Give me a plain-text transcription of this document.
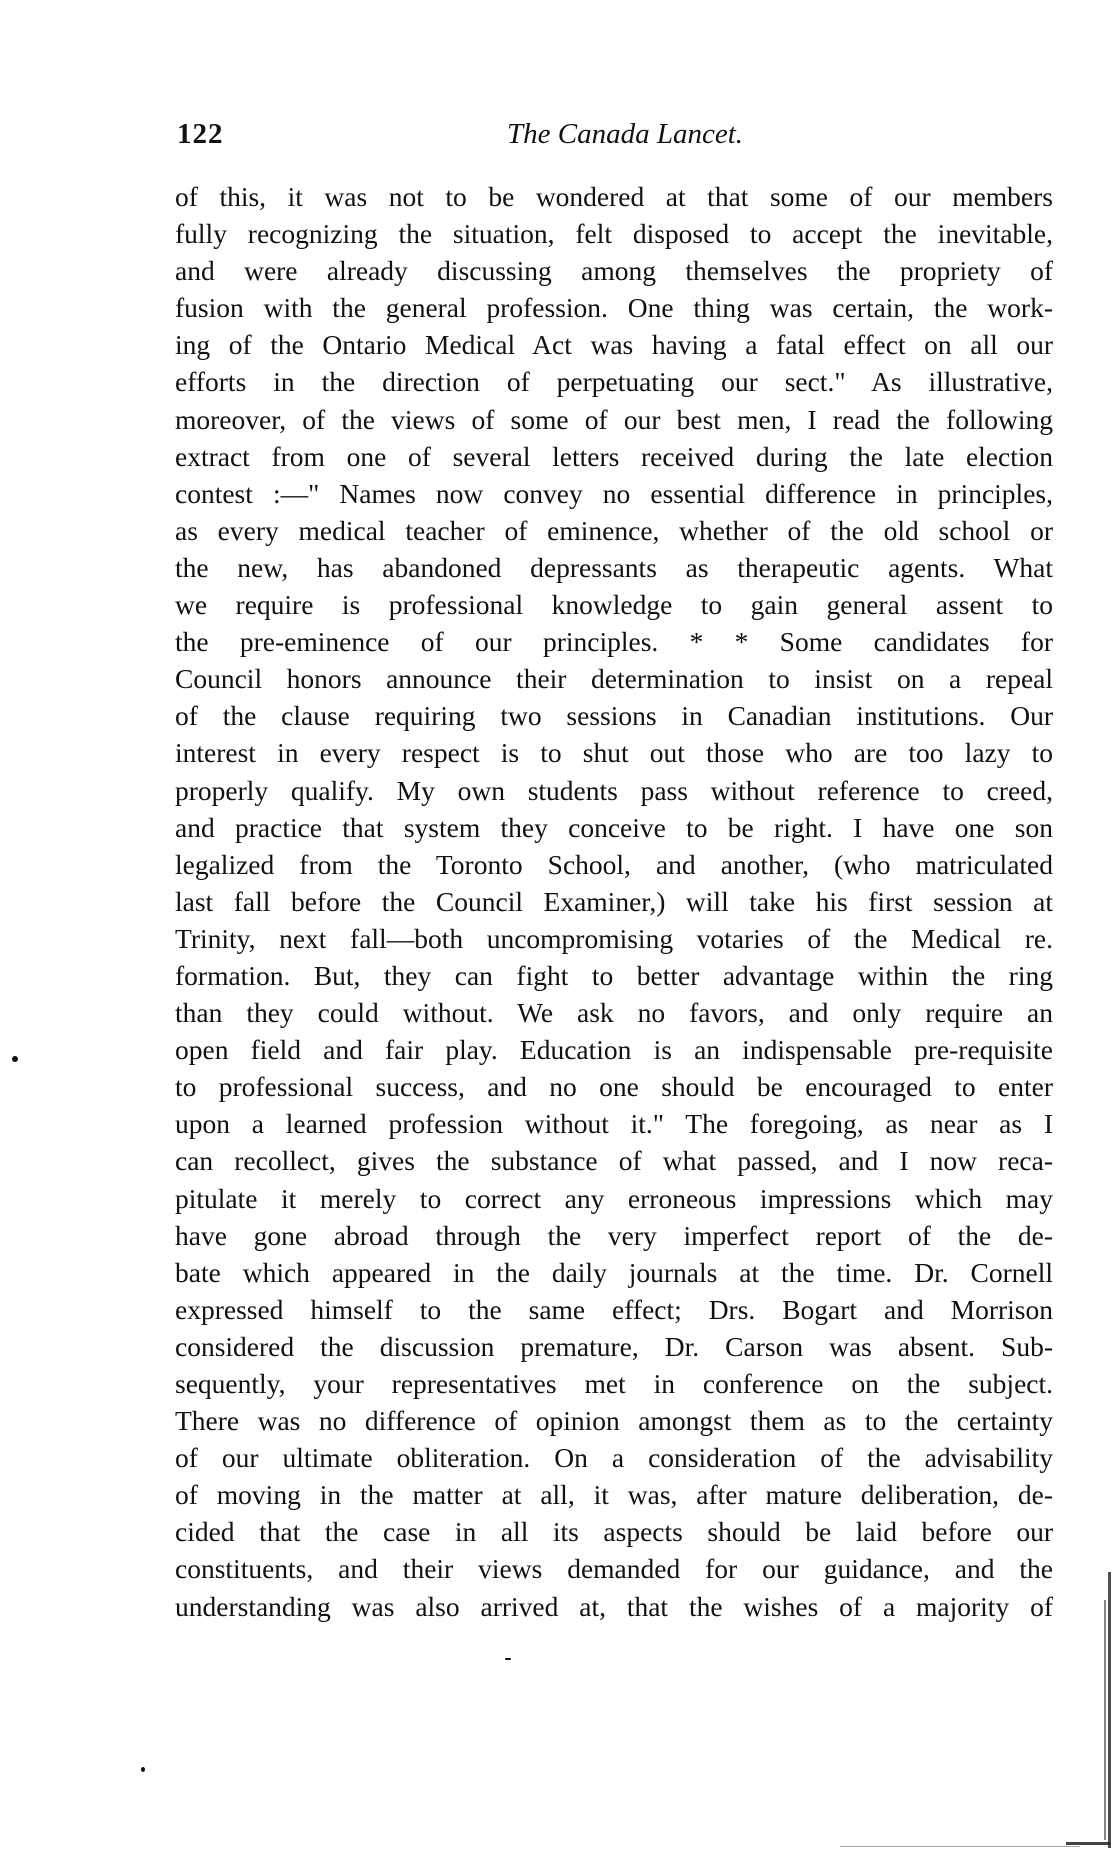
The Canada Lancet.
122
of this, it was not to be wondered at that some of our members
fully recognizing the situation, felt disposed to accept the inevitable,
and were already discussing among themselves the propriety of
fusion with the general profession. One thing was certain, the work-
ing of the Ontario Medical Act was having a fatal effect on all our
efforts in the direction of perpetuating our sect." As illustrative,
moreover, of the views of some of our best men, I read the following
extract from one of several letters received during the late election
contest :—" Names now convey no essential difference in principles,
as every medical teacher of eminence, whether of the old school or
the new, has abandoned depressants as therapeutic agents. What
we require is professional knowledge to gain general assent to
the pre-eminence of our principles. * * Some candidates for
Council honors announce their determination to insist on a repeal
of the clause requiring two sessions in Canadian institutions. Our
interest in every respect is to shut out those who are too lazy to
properly qualify. My own students pass without reference to creed,
and practice that system they conceive to be right. I have one son
legalized from the Toronto School, and another, (who matriculated
last fall before the Council Examiner,) will take his first session at
Trinity, next fall—both uncompromising votaries of the Medical re.
formation. But, they can fight to better advantage within the ring
than they could without. We ask no favors, and only require an
open field and fair play. Education is an indispensable pre-requisite
to professional success, and no one should be encouraged to enter
upon a learned profession without it." The foregoing, as near as I
can recollect, gives the substance of what passed, and I now reca-
pitulate it merely to correct any erroneous impressions which may
have gone abroad through the very imperfect report of the de-
bate which appeared in the daily journals at the time. Dr. Cornell
expressed himself to the same effect; Drs. Bogart and Morrison
considered the discussion premature, Dr. Carson was absent. Sub-
sequently, your representatives met in conference on the subject.
There was no difference of opinion amongst them as to the certainty
of our ultimate obliteration. On a consideration of the advisability
of moving in the matter at all, it was, after mature deliberation, de-
cided that the case in all its aspects should be laid before our
constituents, and their views demanded for our guidance, and the
understanding was also arrived at, that the wishes of a majority of
